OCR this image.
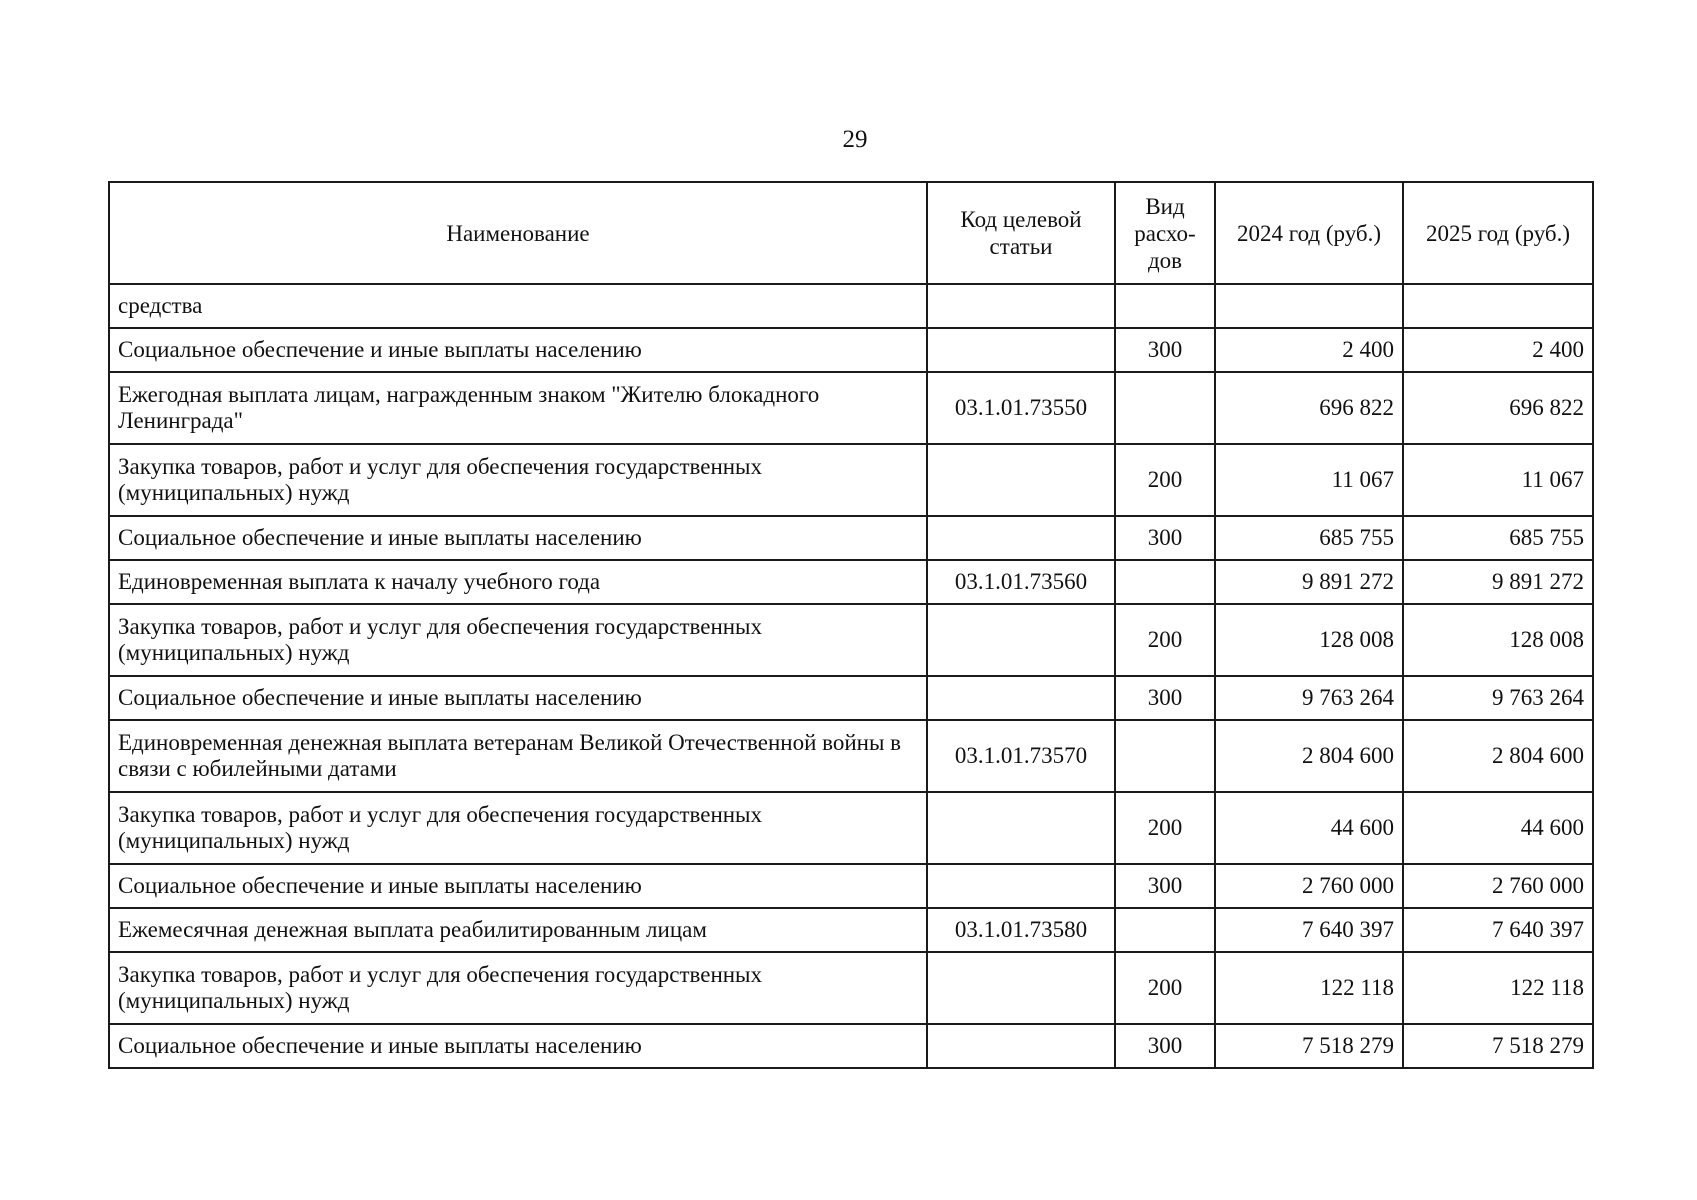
29
Наименование	Код целевой статьи	Вид расхо-дов	2024 год (руб.)	2025 год (руб.)
средства				
Социальное обеспечение и иные выплаты населению		300	2 400	2 400
Ежегодная выплата лицам, награжденным знаком "Жителю блокадного Ленинграда"	03.1.01.73550		696 822	696 822
Закупка товаров, работ и услуг для обеспечения государственных (муниципальных) нужд		200	11 067	11 067
Социальное обеспечение и иные выплаты населению		300	685 755	685 755
Единовременная выплата к началу учебного года	03.1.01.73560		9 891 272	9 891 272
Закупка товаров, работ и услуг для обеспечения государственных (муниципальных) нужд		200	128 008	128 008
Социальное обеспечение и иные выплаты населению		300	9 763 264	9 763 264
Единовременная денежная выплата ветеранам Великой Отечественной войны в связи с юбилейными датами	03.1.01.73570		2 804 600	2 804 600
Закупка товаров, работ и услуг для обеспечения государственных (муниципальных) нужд		200	44 600	44 600
Социальное обеспечение и иные выплаты населению		300	2 760 000	2 760 000
Ежемесячная денежная выплата реабилитированным лицам	03.1.01.73580		7 640 397	7 640 397
Закупка товаров, работ и услуг для обеспечения государственных (муниципальных) нужд		200	122 118	122 118
Социальное обеспечение и иные выплаты населению		300	7 518 279	7 518 279
